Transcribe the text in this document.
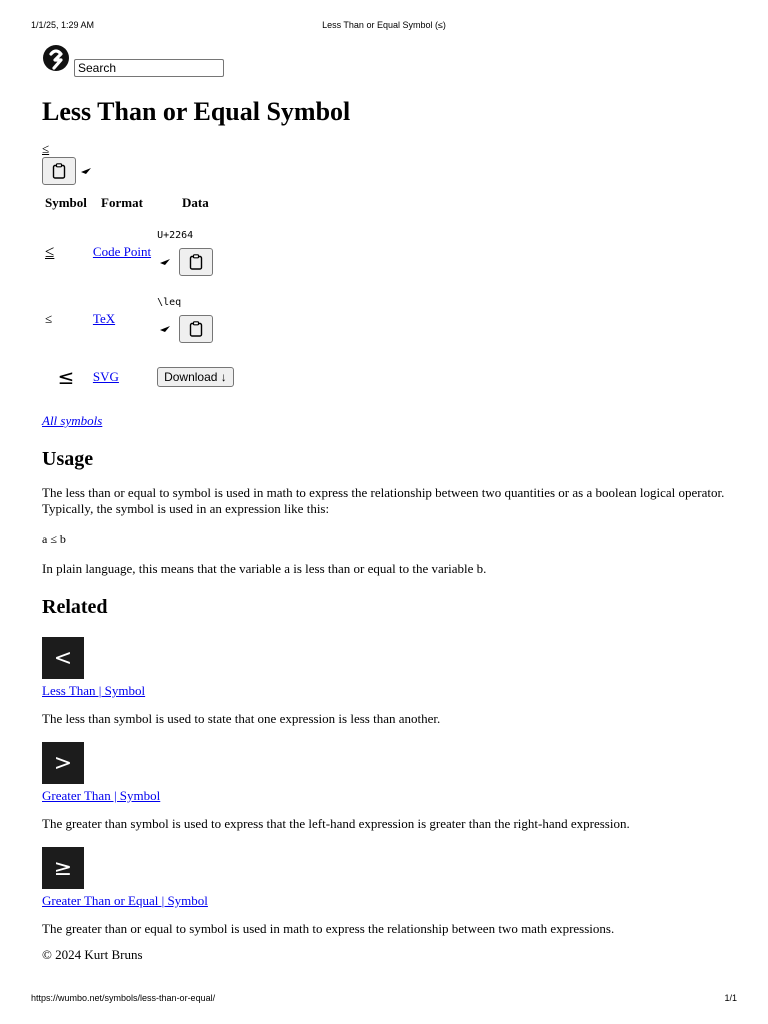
1/1/25, 1:29 AM	Less Than or Equal Symbol (≤)
Search
Less Than or Equal Symbol
≤
Symbol	Format	Data
≤	Code Point	U+2264

≤	TeX	\leq

≤	SVG	Download ↓
All symbols
Usage

The less than or equal to symbol is used in math to express the relationship between two quantities or as a boolean logical operator. Typically, the symbol is used in an expression like this:

a ≤ b

In plain language, this means that the variable a is less than or equal to the variable b.

Related
<
Less Than | Symbol

The less than symbol is used to state that one expression is less than another.

>
Greater Than | Symbol

The greater than symbol is used to express that the left-hand expression is greater than the right-hand expression.

≥
Greater Than or Equal | Symbol

The greater than or equal to symbol is used in math to express the relationship between two math expressions.

© 2024 Kurt Bruns

https://wumbo.net/symbols/less-than-or-equal/	1/1
